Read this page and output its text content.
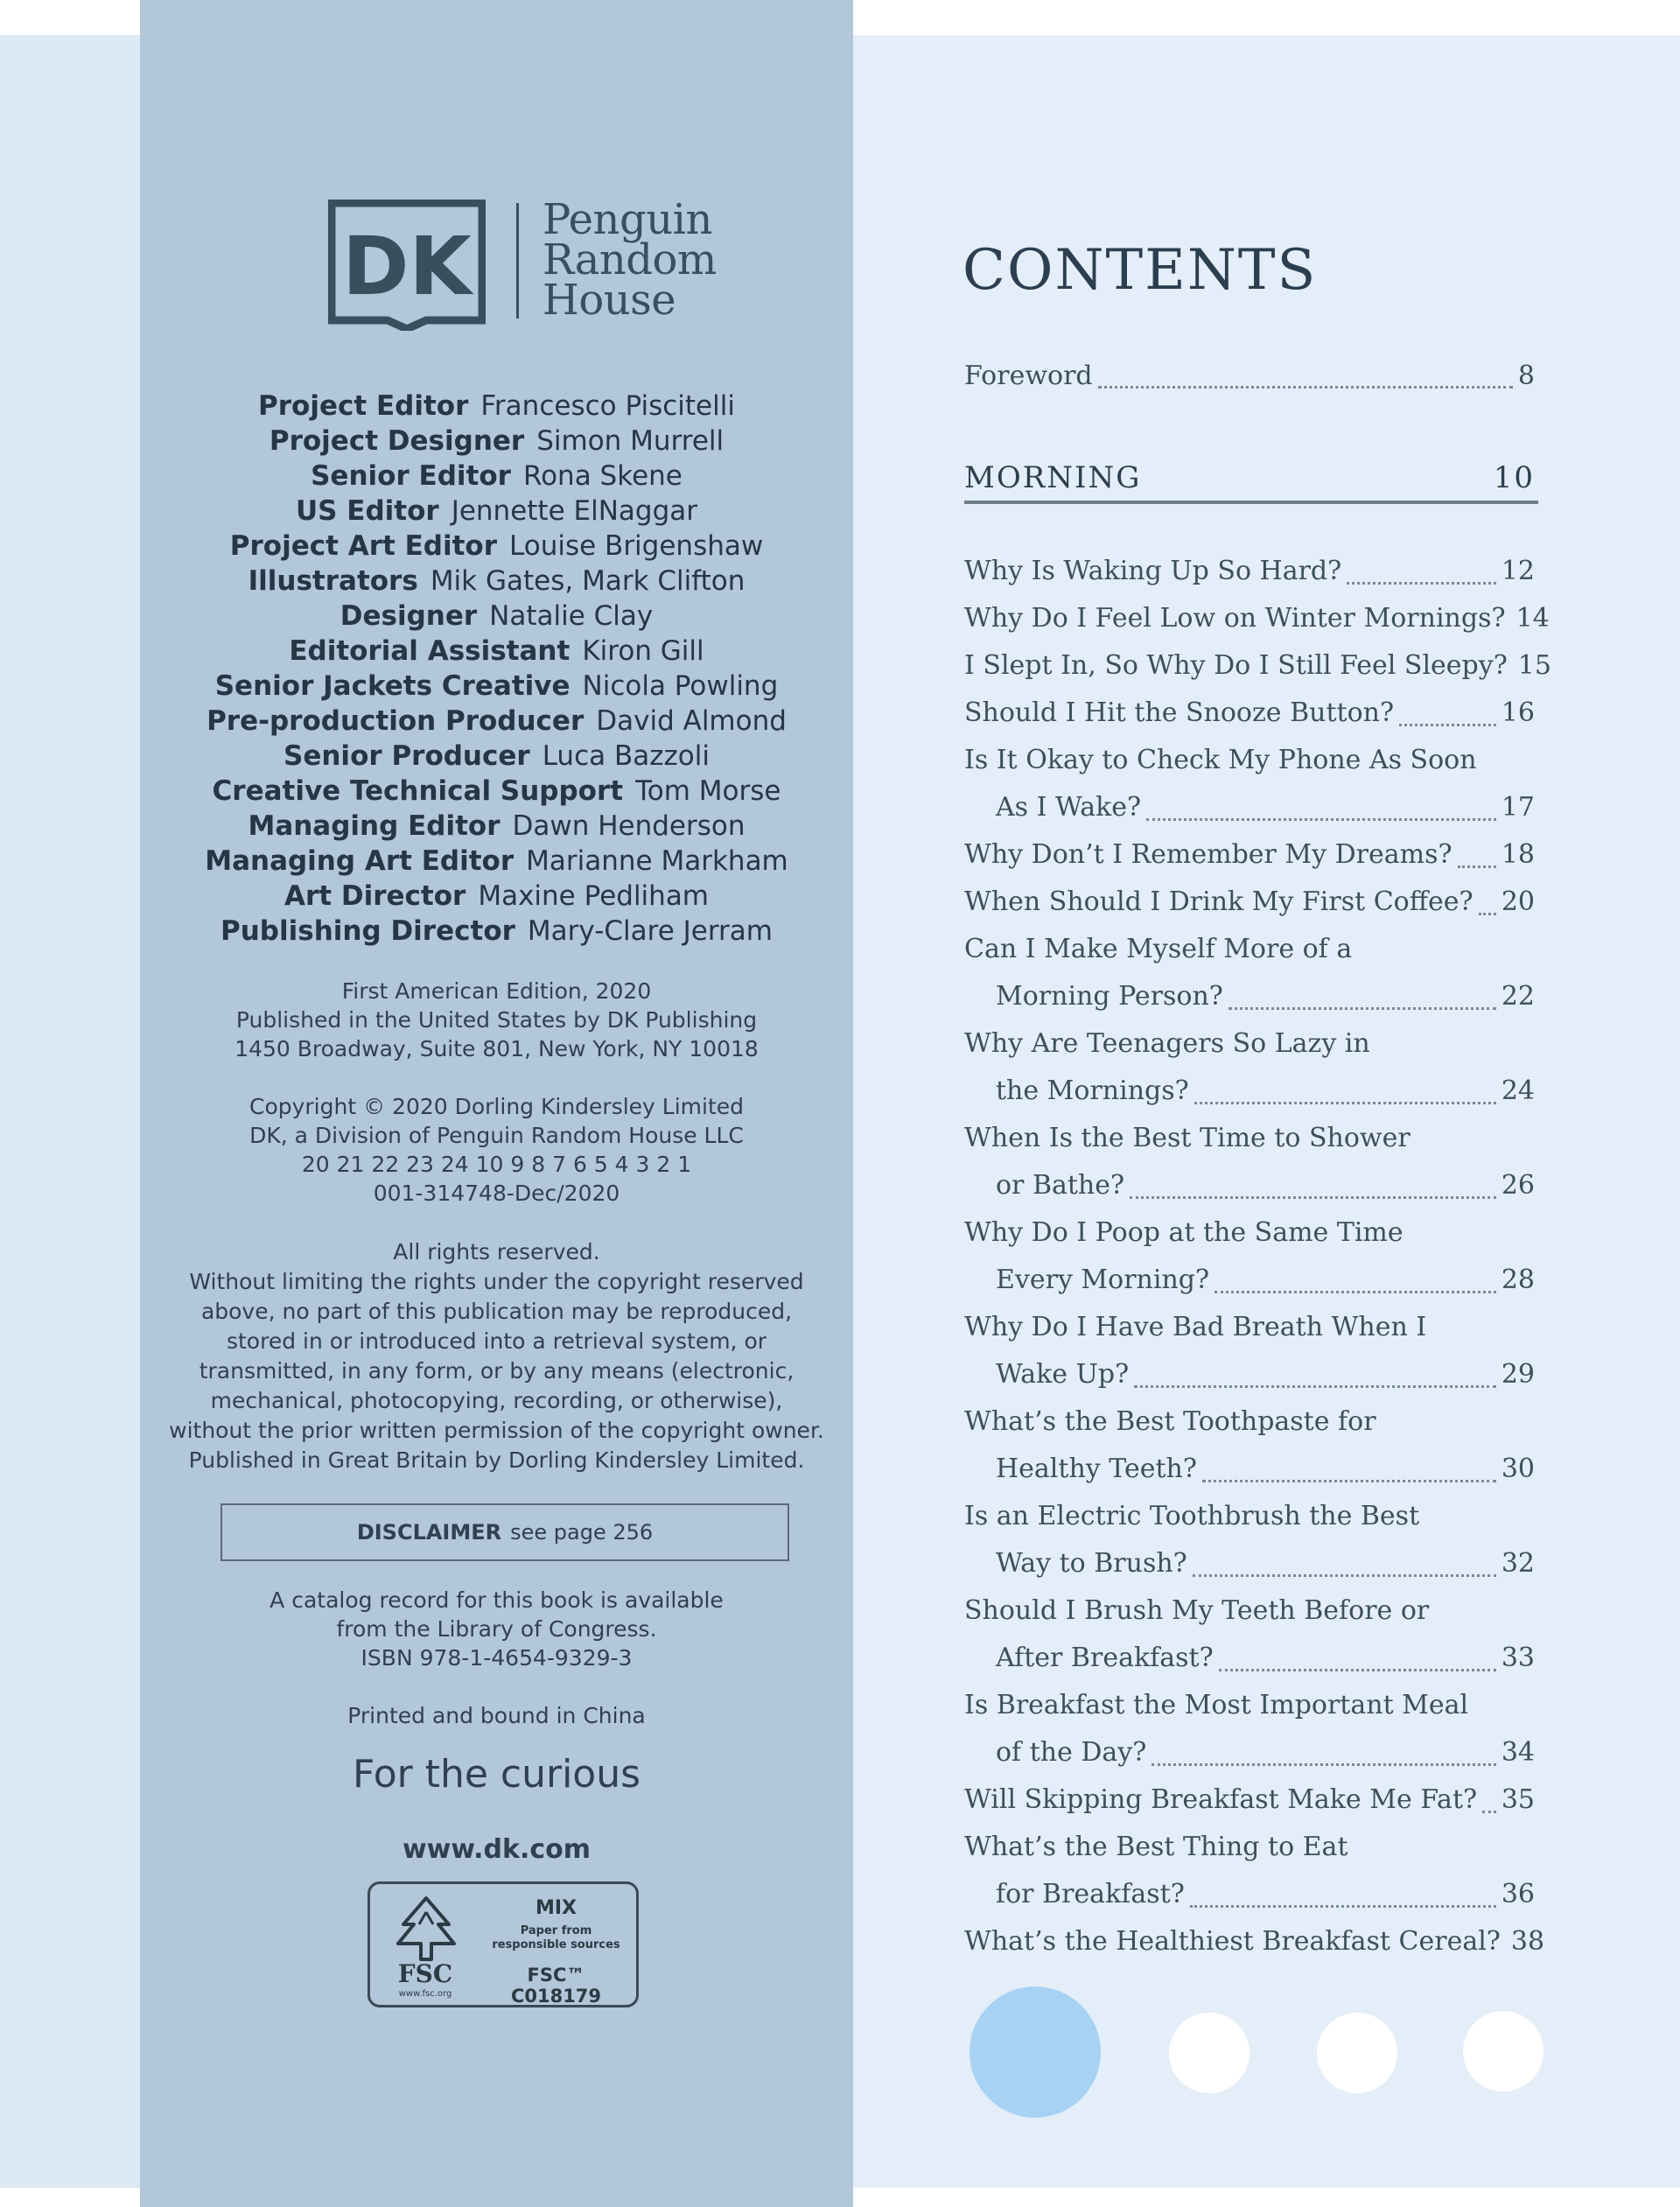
DK Penguin
Random
House
Project Editor Francesco Piscitelli
Project Designer Simon Murrell
Senior Editor Rona Skene
US Editor Jennette ElNaggar
Project Art Editor Louise Brigenshaw
Illustrators Mik Gates, Mark Clifton
Designer Natalie Clay
Editorial Assistant Kiron Gill
Senior Jackets Creative Nicola Powling
Pre-production Producer David Almond
Senior Producer Luca Bazzoli
Creative Technical Support Tom Morse
Managing Editor Dawn Henderson
Managing Art Editor Marianne Markham
Art Director Maxine Pedliham
Publishing Director Mary-Clare Jerram
First American Edition, 2020
Published in the United States by DK Publishing
1450 Broadway, Suite 801, New York, NY 10018
Copyright © 2020 Dorling Kindersley Limited
DK, a Division of Penguin Random House LLC
20 21 22 23 24 10 9 8 7 6 5 4 3 2 1
001-314748-Dec/2020
All rights reserved.
Without limiting the rights under the copyright reserved
above, no part of this publication may be reproduced,
stored in or introduced into a retrieval system, or
transmitted, in any form, or by any means (electronic,
mechanical, photocopying, recording, or otherwise),
without the prior written permission of the copyright owner.
Published in Great Britain by Dorling Kindersley Limited.
DISCLAIMER see page 256
A catalog record for this book is available
from the Library of Congress.
ISBN 978-1-4654-9329-3
Printed and bound in China
For the curious
www.dk.com
FSC
www.fsc.org
MIX
Paper from
responsible sources
FSC™ C018179
CONTENTS
Foreword	8
MORNING	10
Why Is Waking Up So Hard?	12
Why Do I Feel Low on Winter Mornings? 14
I Slept In, So Why Do I Still Feel Sleepy? 15
Should I Hit the Snooze Button?	16
Is It Okay to Check My Phone As Soon
As I Wake?	17
Why Don’t I Remember My Dreams? 18
When Should I Drink My First Coffee? 20
Can I Make Myself More of a
Morning Person?	22
Why Are Teenagers So Lazy in
the Mornings?	24
When Is the Best Time to Shower
or Bathe?	26
Why Do I Poop at the Same Time
Every Morning?	28
Why Do I Have Bad Breath When I
Wake Up?	29
What’s the Best Toothpaste for
Healthy Teeth?	30
Is an Electric Toothbrush the Best
Way to Brush?	32
Should I Brush My Teeth Before or
After Breakfast?	33
Is Breakfast the Most Important Meal
of the Day?	34
Will Skipping Breakfast Make Me Fat? 35
What’s the Best Thing to Eat
for Breakfast?	36
What’s the Healthiest Breakfast Cereal? 38
